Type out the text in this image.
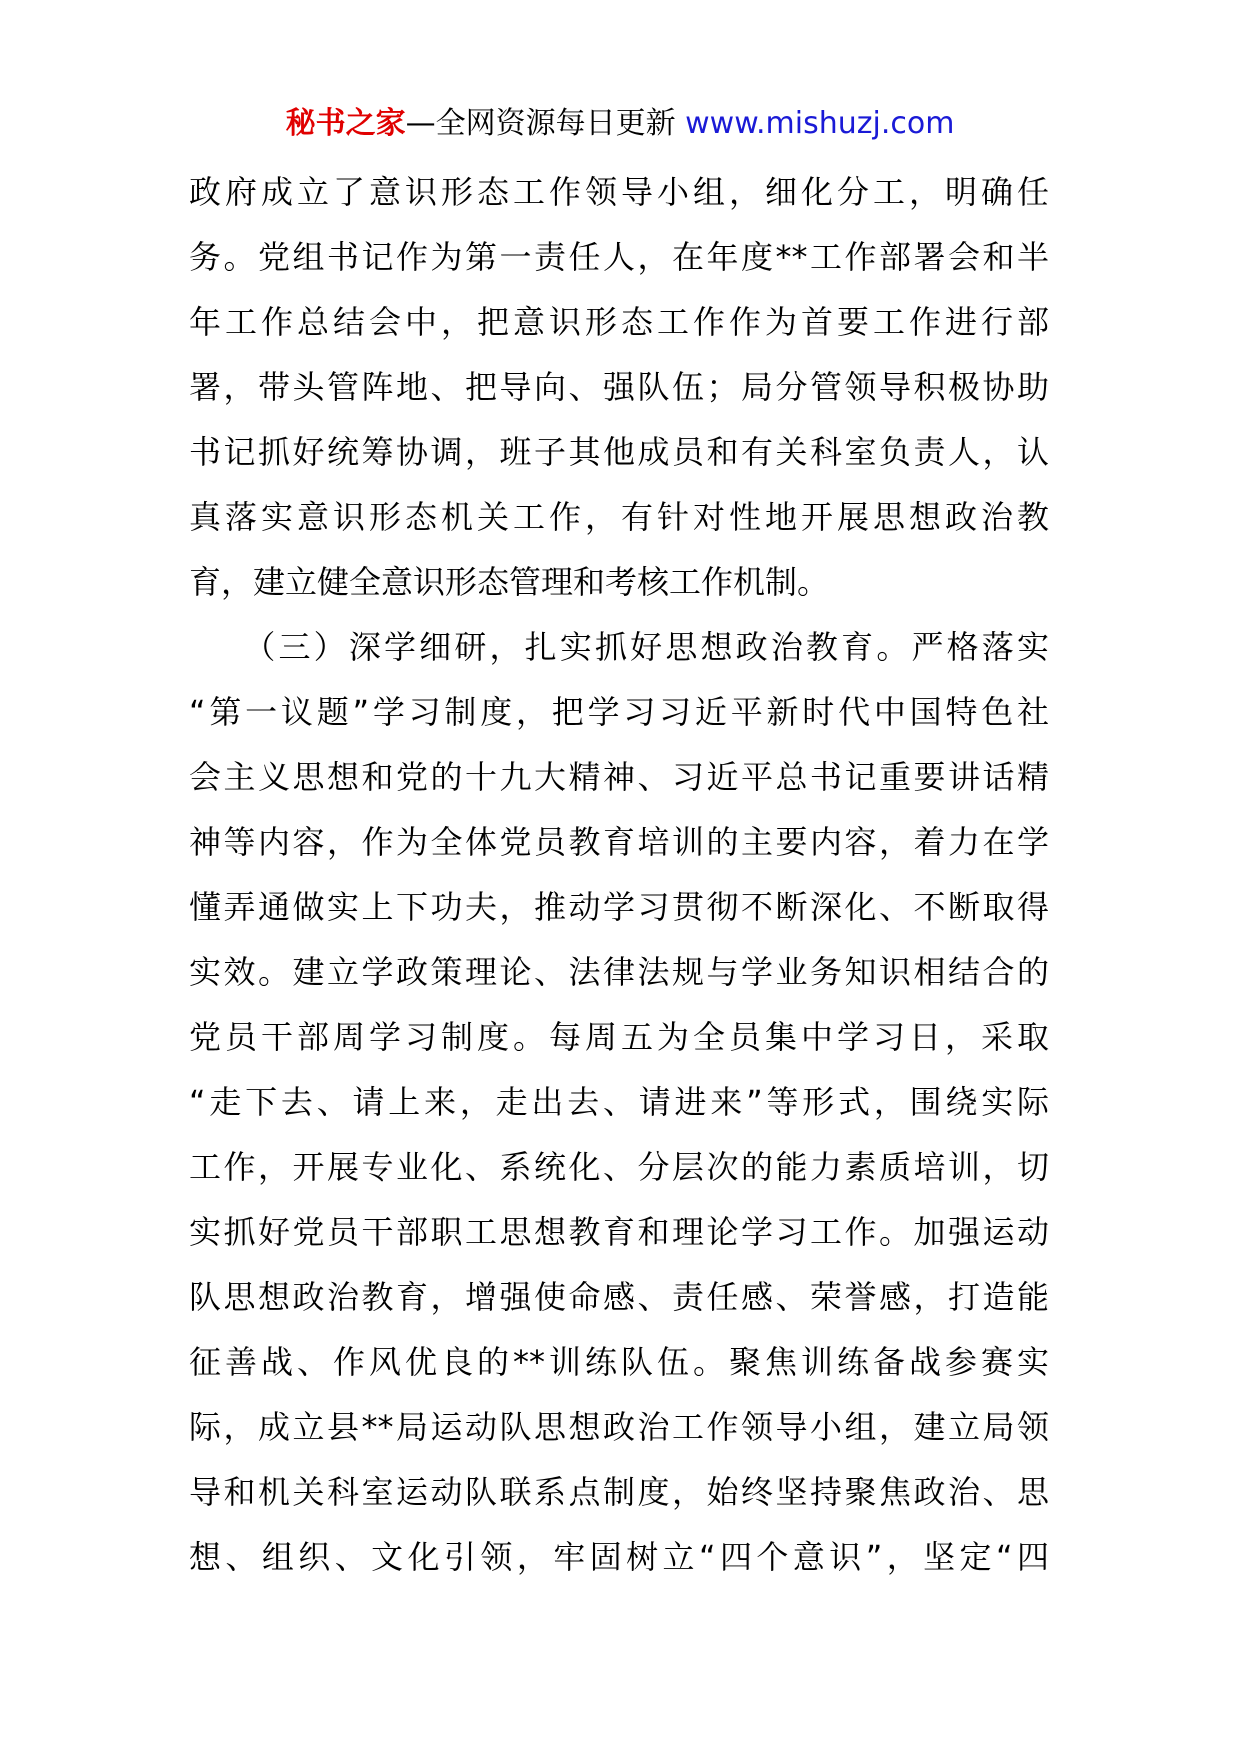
秘书之家—全网资源每日更新 www.mishuzj.com
政府成立了意识形态工作领导小组，细化分工，明确任
务。党组书记作为第一责任人，在年度**工作部署会和半
年工作总结会中，把意识形态工作作为首要工作进行部
署，带头管阵地、把导向、强队伍；局分管领导积极协助
书记抓好统筹协调，班子其他成员和有关科室负责人，认
真落实意识形态机关工作，有针对性地开展思想政治教
育，建立健全意识形态管理和考核工作机制。
　　（三）深学细研，扎实抓好思想政治教育。严格落实
“第一议题”学习制度，把学习习近平新时代中国特色社
会主义思想和党的十九大精神、习近平总书记重要讲话精
神等内容，作为全体党员教育培训的主要内容，着力在学
懂弄通做实上下功夫，推动学习贯彻不断深化、不断取得
实效。建立学政策理论、法律法规与学业务知识相结合的
党员干部周学习制度。每周五为全员集中学习日，采取
“走下去、请上来，走出去、请进来”等形式，围绕实际
工作，开展专业化、系统化、分层次的能力素质培训，切
实抓好党员干部职工思想教育和理论学习工作。加强运动
队思想政治教育，增强使命感、责任感、荣誉感，打造能
征善战、作风优良的**训练队伍。聚焦训练备战参赛实
际，成立县**局运动队思想政治工作领导小组，建立局领
导和机关科室运动队联系点制度，始终坚持聚焦政治、思
想、组织、文化引领，牢固树立“四个意识”，坚定“四
